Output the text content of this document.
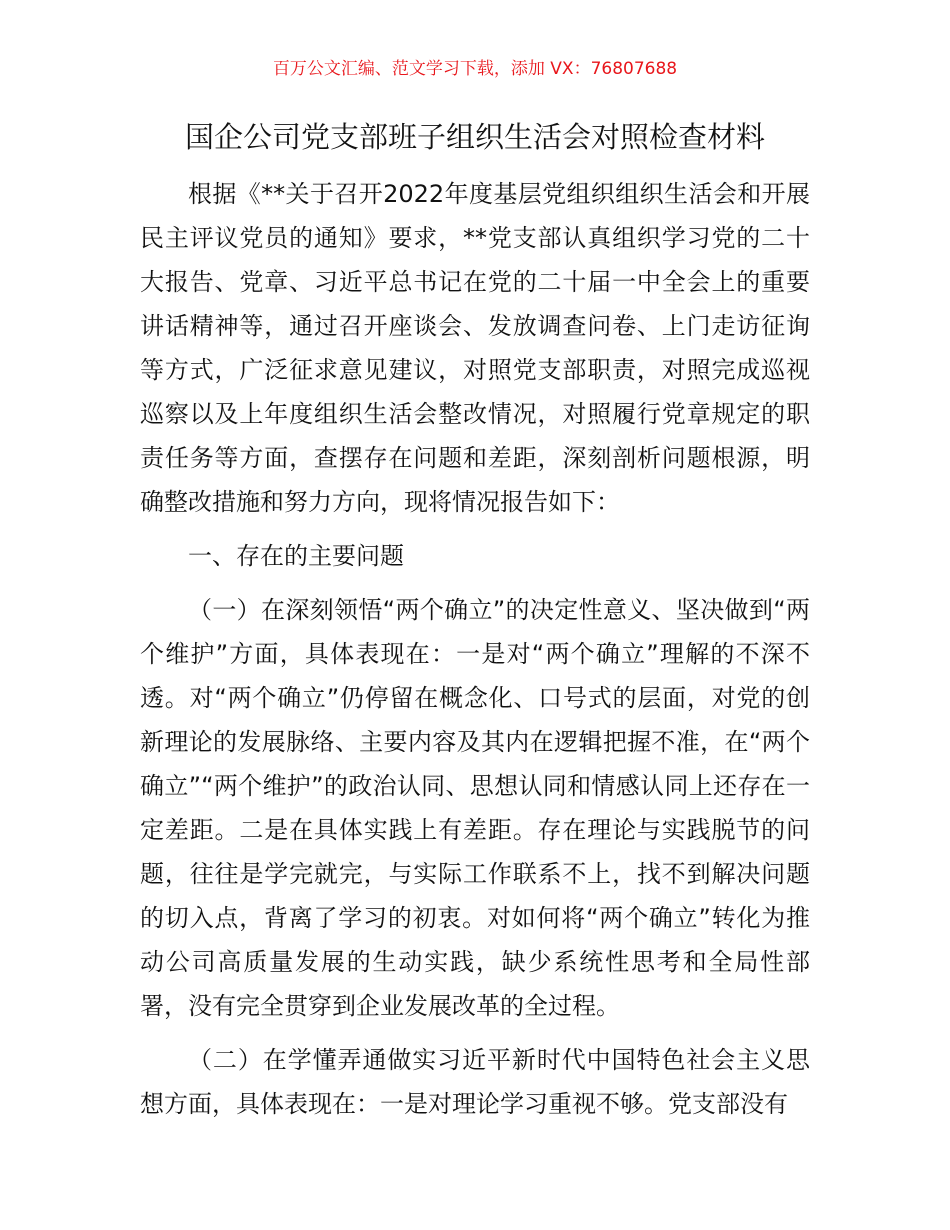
百万公文汇编、范文学习下载，添加 VX：76807688
国企公司党支部班子组织生活会对照检查材料

根据《**关于召开2022年度基层党组织组织生活会和开展民主评议党员的通知》要求，**党支部认真组织学习党的二十大报告、党章、习近平总书记在党的二十届一中全会上的重要讲话精神等，通过召开座谈会、发放调查问卷、上门走访征询等方式，广泛征求意见建议，对照党支部职责，对照完成巡视巡察以及上年度组织生活会整改情况，对照履行党章规定的职责任务等方面，查摆存在问题和差距，深刻剖析问题根源，明确整改措施和努力方向，现将情况报告如下：

一、存在的主要问题

（一）在深刻领悟“两个确立”的决定性意义、坚决做到“两个维护”方面，具体表现在：一是对“两个确立”理解的不深不透。对“两个确立”仍停留在概念化、口号式的层面，对党的创新理论的发展脉络、主要内容及其内在逻辑把握不准，在“两个确立”“两个维护”的政治认同、思想认同和情感认同上还存在一定差距。二是在具体实践上有差距。存在理论与实践脱节的问题，往往是学完就完，与实际工作联系不上，找不到解决问题的切入点，背离了学习的初衷。对如何将“两个确立”转化为推动公司高质量发展的生动实践，缺少系统性思考和全局性部署，没有完全贯穿到企业发展改革的全过程。

（二）在学懂弄通做实习近平新时代中国特色社会主义思想方面，具体表现在：一是对理论学习重视不够。党支部没有
